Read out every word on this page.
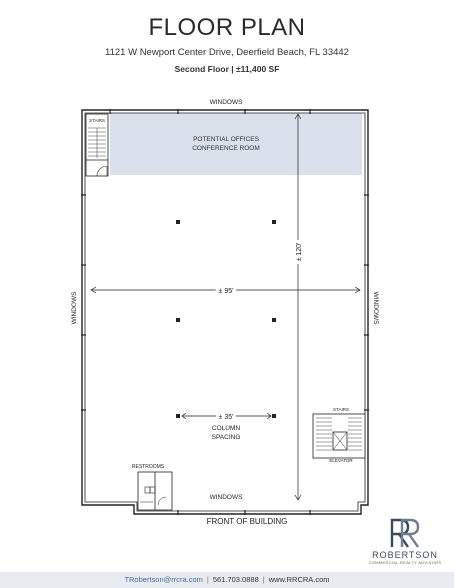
FLOOR PLAN
1121 W Newport Center Drive, Deerfield Beach, FL 33442
Second Floor | ±11,400 SF
WINDOWS
WINDOWS
WINDOWS	WINDOWS
STAIRS
STAIRS
ELEVATOR
RESTROOMS
POTENTIAL OFFICES
CONFERENCE ROOM
± 95'
± 120'
± 35'
COLUMN
SPACING
FRONT OF BUILDING
ROBERTSON
COMMERCIAL REALTY ADVISORS
TRobertson@rrcra.com | 561.703.0888 | www.RRCRA.com
